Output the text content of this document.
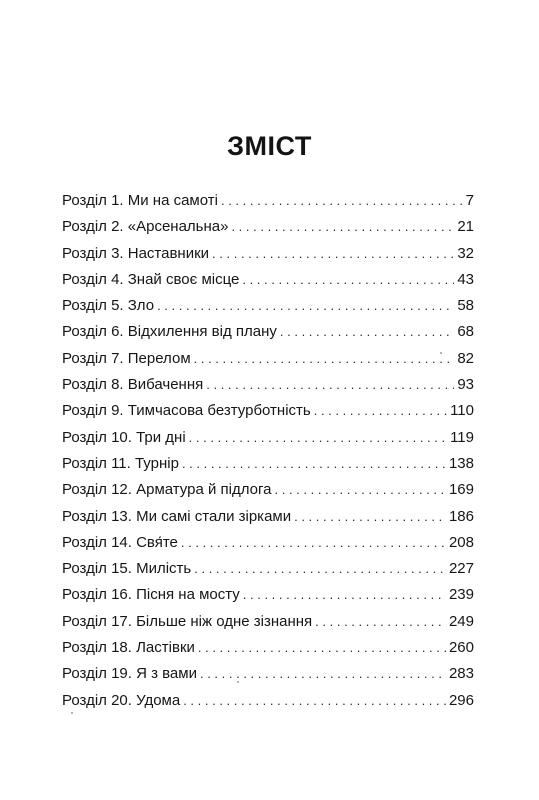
ЗМІСТ
Розділ 1. Ми на самоті . . .	7
Розділ 2. «Арсенальна» . . .	21
Розділ 3. Наставники . . .	32
Розділ 4. Знай своє місце . . .	43
Розділ 5. Зло . . .	58
Розділ 6. Відхилення від плану . . .	68
Розділ 7. Перелом . . .	82
Розділ 8. Вибачення . . .	93
Розділ 9. Тимчасова безтурботність . . .	110
Розділ 10. Три дні . . .	119
Розділ 11. Турнір . . .	138
Розділ 12. Арматура й підлога . . .	169
Розділ 13. Ми самі стали зірками . . .	186
Розділ 14. Свя́те . . .	208
Розділ 15. Милість . . .	227
Розділ 16. Пісня на мосту . . .	239
Розділ 17. Більше ніж одне зізнання . . .	249
Розділ 18. Ластівки . . .	260
Розділ 19. Я з вами . . .	283
Розділ 20. Удома . . .	296
